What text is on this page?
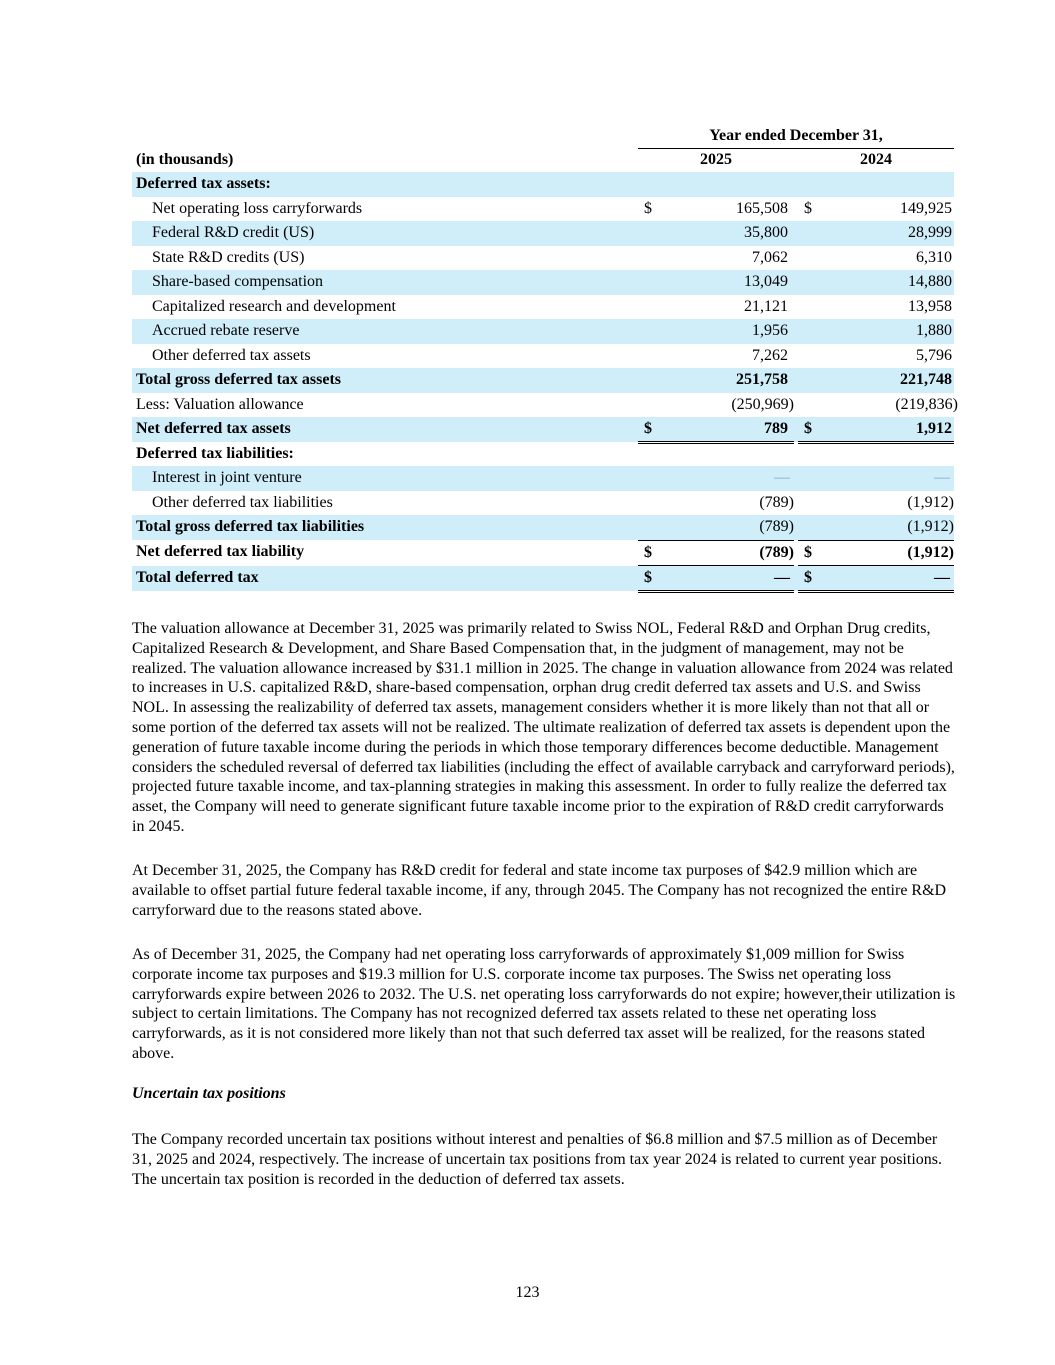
Year ended December 31,
(in thousands)	2025	2024
Deferred tax assets:
Net operating loss carryforwards	$	165,508 $	149,925
Federal R&D credit (US)	35,800	28,999
State R&D credits (US)	7,062	6,310
Share-based compensation	13,049	14,880
Capitalized research and development	21,121	13,958
Accrued rebate reserve	1,956	1,880
Other deferred tax assets	7,262	5,796
Total gross deferred tax assets	251,758	221,748
Less: Valuation allowance	(250,969)	(219,836)
Net deferred tax assets	$	789 $	1,912
Deferred tax liabilities:
Interest in joint venture	—	—
Other deferred tax liabilities	(789)	(1,912)
Total gross deferred tax liabilities	(789)	(1,912)
Net deferred tax liability	$	(789) $	(1,912)
Total deferred tax	$	— $	—
The valuation allowance at December 31, 2025 was primarily related to Swiss NOL, Federal R&D and Orphan Drug credits, Capitalized Research & Development, and Share Based Compensation that, in the judgment of management, may not be realized. The valuation allowance increased by $31.1 million in 2025. The change in valuation allowance from 2024 was related to increases in U.S. capitalized R&D, share-based compensation, orphan drug credit deferred tax assets and U.S. and Swiss NOL. In assessing the realizability of deferred tax assets, management considers whether it is more likely than not that all or some portion of the deferred tax assets will not be realized. The ultimate realization of deferred tax assets is dependent upon the generation of future taxable income during the periods in which those temporary differences become deductible. Management considers the scheduled reversal of deferred tax liabilities (including the effect of available carryback and carryforward periods), projected future taxable income, and tax-planning strategies in making this assessment. In order to fully realize the deferred tax asset, the Company will need to generate significant future taxable income prior to the expiration of R&D credit carryforwards in 2045.
At December 31, 2025, the Company has R&D credit for federal and state income tax purposes of $42.9 million which are available to offset partial future federal taxable income, if any, through 2045. The Company has not recognized the entire R&D carryforward due to the reasons stated above.
As of December 31, 2025, the Company had net operating loss carryforwards of approximately $1,009 million for Swiss corporate income tax purposes and $19.3 million for U.S. corporate income tax purposes. The Swiss net operating loss carryforwards expire between 2026 to 2032. The U.S. net operating loss carryforwards do not expire; however,their utilization is subject to certain limitations. The Company has not recognized deferred tax assets related to these net operating loss carryforwards, as it is not considered more likely than not that such deferred tax asset will be realized, for the reasons stated above.
Uncertain tax positions
The Company recorded uncertain tax positions without interest and penalties of $6.8 million and $7.5 million as of December 31, 2025 and 2024, respectively. The increase of uncertain tax positions from tax year 2024 is related to current year positions. The uncertain tax position is recorded in the deduction of deferred tax assets.
123
